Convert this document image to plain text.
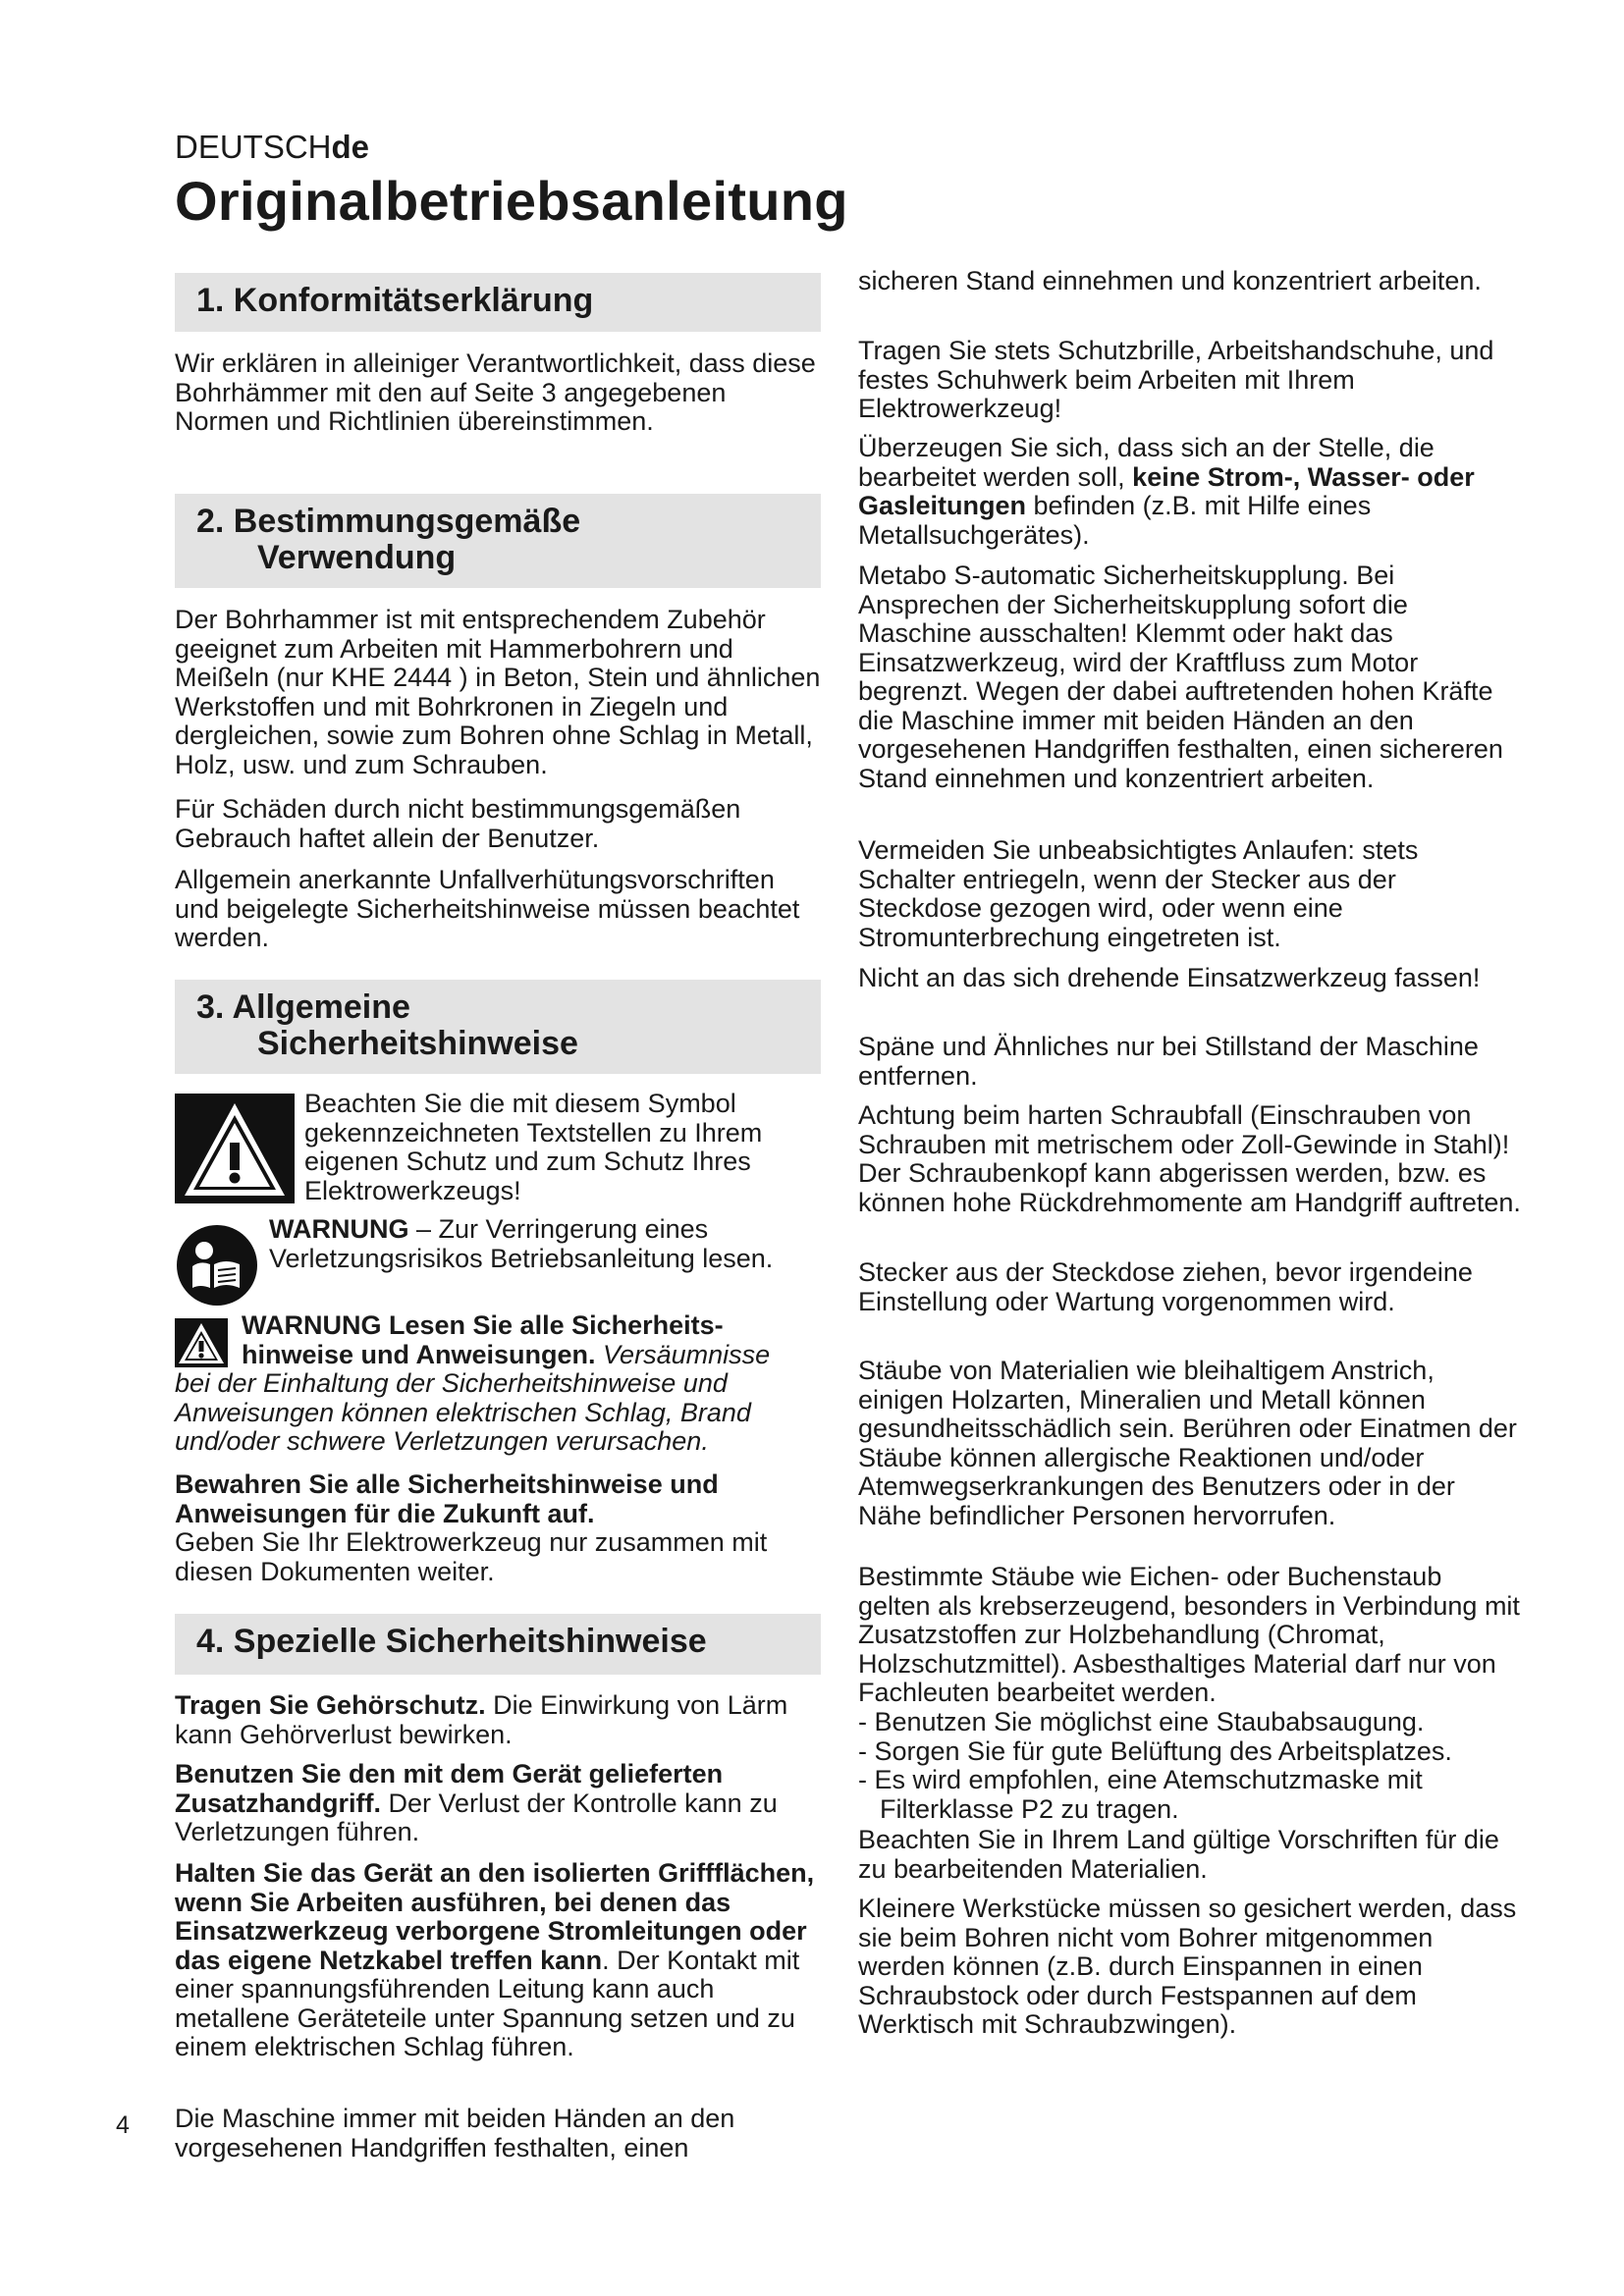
DEUTSCHde
Originalbetriebsanleitung
1. Konformitätserklärung

Wir erklären in alleiniger Verantwortlichkeit, dass diese Bohrhämmer mit den auf Seite 3 angegebenen Normen und Richtlinien übereinstimmen.

2. Bestimmungsgemäße
Verwendung

Der Bohrhammer ist mit entsprechendem Zubehör geeignet zum Arbeiten mit Hammerbohrern und Meißeln (nur KHE 2444 ) in Beton, Stein und ähnlichen Werkstoffen und mit Bohrkronen in Ziegeln und dergleichen, sowie zum Bohren ohne Schlag in Metall, Holz, usw. und zum Schrauben.

Für Schäden durch nicht bestimmungsgemäßen Gebrauch haftet allein der Benutzer.

Allgemein anerkannte Unfallverhütungsvorschriften und beigelegte Sicherheitshinweise müssen beachtet werden.

3. Allgemeine
Sicherheitshinweise

Beachten Sie die mit diesem Symbol gekennzeichneten Textstellen zu Ihrem eigenen Schutz und zum Schutz Ihres Elektrowerkzeugs!

WARNUNG – Zur Verringerung eines Verletzungsrisikos Betriebsanleitung lesen.

WARNUNG Lesen Sie alle Sicherheits-

hinweise und Anweisungen. Versäumnisse

bei der Einhaltung der Sicherheitshinweise und Anweisungen können elektrischen Schlag, Brand und/oder schwere Verletzungen verursachen.

Bewahren Sie alle Sicherheitshinweise und Anweisungen für die Zukunft auf.

Geben Sie Ihr Elektrowerkzeug nur zusammen mit diesen Dokumenten weiter.

4. Spezielle Sicherheitshinweise

Tragen Sie Gehörschutz. Die Einwirkung von Lärm kann Gehörverlust bewirken.

Benutzen Sie den mit dem Gerät gelieferten Zusatzhandgriff. Der Verlust der Kontrolle kann zu Verletzungen führen.

Halten Sie das Gerät an den isolierten Griffflächen, wenn Sie Arbeiten ausführen, bei denen das Einsatzwerkzeug verborgene Stromleitungen oder das eigene Netzkabel treffen kann. Der Kontakt mit einer spannungsführenden Leitung kann auch metallene Geräteteile unter Spannung setzen und zu einem elektrischen Schlag führen.

Die Maschine immer mit beiden Händen an den vorgesehenen Handgriffen festhalten, einen

sicheren Stand einnehmen und konzentriert arbeiten.

Tragen Sie stets Schutzbrille, Arbeitshandschuhe, und festes Schuhwerk beim Arbeiten mit Ihrem Elektrowerkzeug!

Überzeugen Sie sich, dass sich an der Stelle, die bearbeitet werden soll, keine Strom-, Wasser- oder Gasleitungen befinden (z.B. mit Hilfe eines Metallsuchgerätes).

Metabo S-automatic Sicherheitskupplung. Bei Ansprechen der Sicherheitskupplung sofort die Maschine ausschalten! Klemmt oder hakt das Einsatzwerkzeug, wird der Kraftfluss zum Motor begrenzt. Wegen der dabei auftretenden hohen Kräfte die Maschine immer mit beiden Händen an den vorgesehenen Handgriffen festhalten, einen sichereren Stand einnehmen und konzentriert arbeiten.

Vermeiden Sie unbeabsichtigtes Anlaufen: stets Schalter entriegeln, wenn der Stecker aus der Steckdose gezogen wird, oder wenn eine Stromunterbrechung eingetreten ist.

Nicht an das sich drehende Einsatzwerkzeug fassen!

Späne und Ähnliches nur bei Stillstand der Maschine entfernen.

Achtung beim harten Schraubfall (Einschrauben von Schrauben mit metrischem oder Zoll-Gewinde in Stahl)! Der Schraubenkopf kann abgerissen werden, bzw. es können hohe Rückdrehmomente am Handgriff auftreten.

Stecker aus der Steckdose ziehen, bevor irgendeine Einstellung oder Wartung vorgenommen wird.

Stäube von Materialien wie bleihaltigem Anstrich, einigen Holzarten, Mineralien und Metall können gesundheitsschädlich sein. Berühren oder Einatmen der Stäube können allergische Reaktionen und/oder Atemwegserkrankungen des Benutzers oder in der Nähe befindlicher Personen hervorrufen.

Bestimmte Stäube wie Eichen- oder Buchenstaub gelten als krebserzeugend, besonders in Verbindung mit Zusatzstoffen zur Holzbehandlung (Chromat, Holzschutzmittel). Asbesthaltiges Material darf nur von Fachleuten bearbeitet werden.

- Benutzen Sie möglichst eine Staubabsaugung.
- Sorgen Sie für gute Belüftung des Arbeitsplatzes.
- Es wird empfohlen, eine Atemschutzmaske mit Filterklasse P2 zu tragen.

Beachten Sie in Ihrem Land gültige Vorschriften für die zu bearbeitenden Materialien.

Kleinere Werkstücke müssen so gesichert werden, dass sie beim Bohren nicht vom Bohrer mitgenommen werden können (z.B. durch Einspannen in einen Schraubstock oder durch Festspannen auf dem Werktisch mit Schraubzwingen).

4
